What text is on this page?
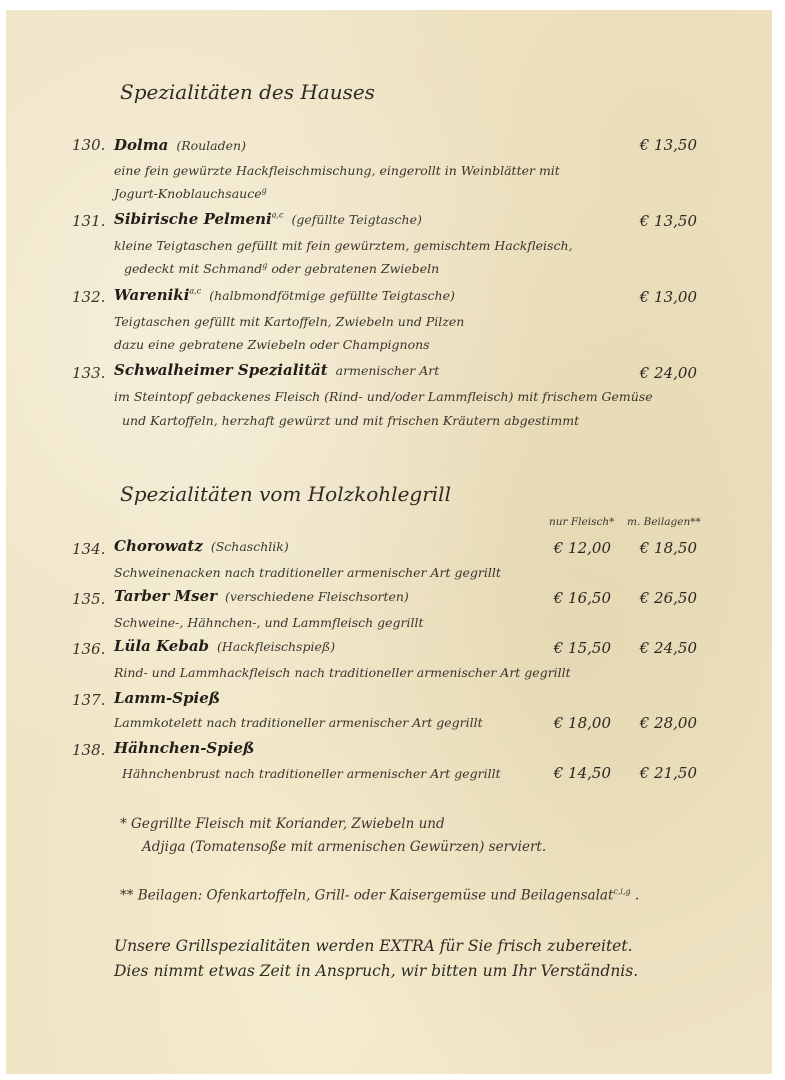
Spezialitäten des Hauses
130. Dolma (Rouladen)	€ 13,50
eine fein gewürzte Hackfleischmischung, eingerollt in Weinblätter mit
Jogurt-Knoblauchsauce$^g$
131. Sibirische Pelmeni$^{a,c}$ (gefüllte Teigtasche)	€ 13,50
kleine Teigtaschen gefüllt mit fein gewürztem, gemischtem Hackfleisch,
gedeckt mit Schmand$^g$ oder gebratenen Zwiebeln
132. Wareniki$^{a,c}$ (halbmondfötmige gefüllte Teigtasche)	€ 13,00
Teigtaschen gefüllt mit Kartoffeln, Zwiebeln und Pilzen
dazu eine gebratene Zwiebeln oder Champignons
133. Schwalheimer Spezialität armenischer Art	€ 24,00
im Steintopf gebackenes Fleisch (Rind- und/oder Lammfleisch) mit frischem Gemüse
und Kartoffeln, herzhaft gewürzt und mit frischen Kräutern abgestimmt
Spezialitäten vom Holzkohlegrill
nur Fleisch* m. Beilagen**
134. Chorowatz (Schaschlik)	€ 12,00 € 18,50
Schweinenacken nach traditioneller armenischer Art gegrillt
135. Tarber Mser (verschiedene Fleischsorten)	€ 16,50 € 26,50
Schweine-, Hähnchen-, und Lammfleisch gegrillt
136. Lüla Kebab (Hackfleischspieß)	€ 15,50 € 24,50
Rind- und Lammhackfleisch nach traditioneller armenischer Art gegrillt
137. Lamm-Spieß
€ 18,00 € 28,00
Lammkotelett nach traditioneller armenischer Art gegrillt
138. Hähnchen-Spieß
€ 14,50 € 21,50
Hähnchenbrust nach traditioneller armenischer Art gegrillt
* Gegrillte Fleisch mit Koriander, Zwiebeln und
Adjiga (Tomatensoße mit armenischen Gewürzen) serviert.
** Beilagen: Ofenkartoffeln, Grill- oder Kaisergemüse und Beilagensalat$^{c,i,g}$ .
Unsere Grillspezialitäten werden EXTRA für Sie frisch zubereitet.
Dies nimmt etwas Zeit in Anspruch, wir bitten um Ihr Verständnis.
